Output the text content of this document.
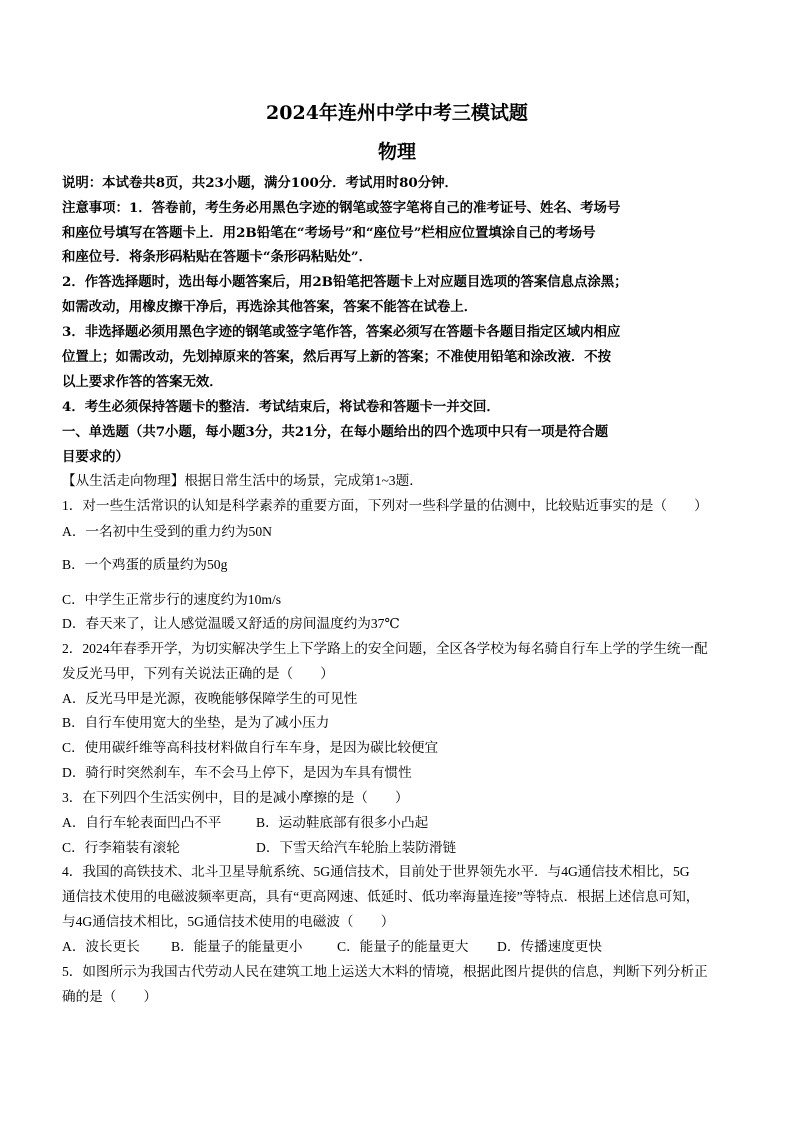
2024年连州中学中考三模试题
物理
说明：本试卷共8页，共23小题，满分100分．考试用时80分钟．
注意事项：1．答卷前，考生务必用黑色字迹的钢笔或签字笔将自己的准考证号、姓名、考场号
和座位号填写在答题卡上．用2B铅笔在“考场号”和“座位号”栏相应位置填涂自己的考场号
和座位号．将条形码粘贴在答题卡“条形码粘贴处”．
2．作答选择题时，选出每小题答案后，用2B铅笔把答题卡上对应题目选项的答案信息点涂黑；
如需改动，用橡皮擦干净后，再选涂其他答案，答案不能答在试卷上．
3．非选择题必须用黑色字迹的钢笔或签字笔作答，答案必须写在答题卡各题目指定区域内相应
位置上；如需改动，先划掉原来的答案，然后再写上新的答案；不准使用铅笔和涂改液．不按
以上要求作答的答案无效．
4．考生必须保持答题卡的整洁．考试结束后，将试卷和答题卡一并交回．
一、单选题（共7小题，每小题3分，共21分，在每小题给出的四个选项中只有一项是符合题
目要求的）
【从生活走向物理】根据日常生活中的场景，完成第1~3题．
1．对一些生活常识的认知是科学素养的重要方面，下列对一些科学量的估测中，比较贴近事实的是（　　）
A．一名初中生受到的重力约为50N
B．一个鸡蛋的质量约为50g
C．中学生正常步行的速度约为10m/s
D．春天来了，让人感觉温暖又舒适的房间温度约为37℃
2．2024年春季开学，为切实解决学生上下学路上的安全问题，全区各学校为每名骑自行车上学的学生统一配
发反光马甲，下列有关说法正确的是（　　）
A．反光马甲是光源，夜晚能够保障学生的可见性
B．自行车使用宽大的坐垫，是为了减小压力
C．使用碳纤维等高科技材料做自行车车身，是因为碳比较便宜
D．骑行时突然刹车，车不会马上停下，是因为车具有惯性
3．在下列四个生活实例中，目的是减小摩擦的是（　　）
A．自行车轮表面凹凸不平	B．运动鞋底部有很多小凸起
C．行李箱装有滚轮	D．下雪天给汽车轮胎上装防滑链
4．我国的高铁技术、北斗卫星导航系统、5G通信技术，目前处于世界领先水平．与4G通信技术相比，5G
通信技术使用的电磁波频率更高，具有“更高网速、低延时、低功率海量连接”等特点．根据上述信息可知，
与4G通信技术相比，5G通信技术使用的电磁波（　　）
A．波长更长 B．能量子的能量更小	C．能量子的能量更大 D．传播速度更快
5．如图所示为我国古代劳动人民在建筑工地上运送大木料的情境，根据此图片提供的信息，判断下列分析正
确的是（　　）
